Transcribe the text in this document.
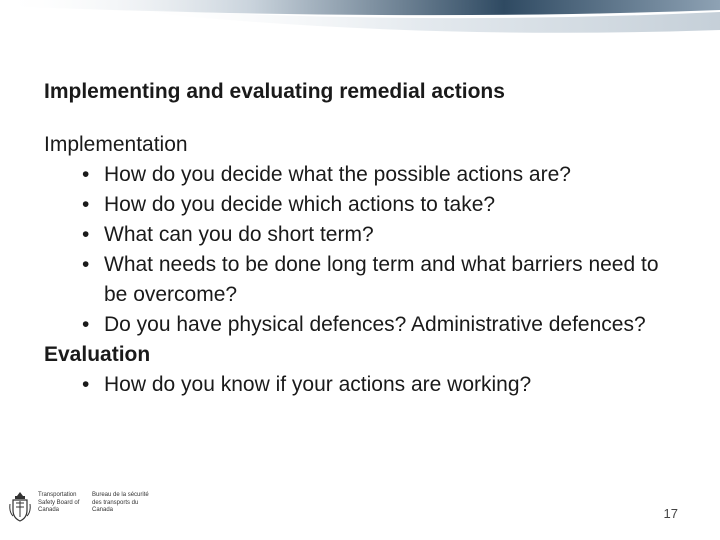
Implementing and evaluating remedial actions
Implementation
• How do you decide what the possible actions are?
• How do you decide which actions to take?
• What can you do short term?
• What needs to be done long term and what barriers need to be overcome?
• Do you have physical defences? Administrative defences?
Evaluation
• How do you know if your actions are working?
Transportation Safety Board of Canada
Bureau de la sécurité des transports du Canada	17
